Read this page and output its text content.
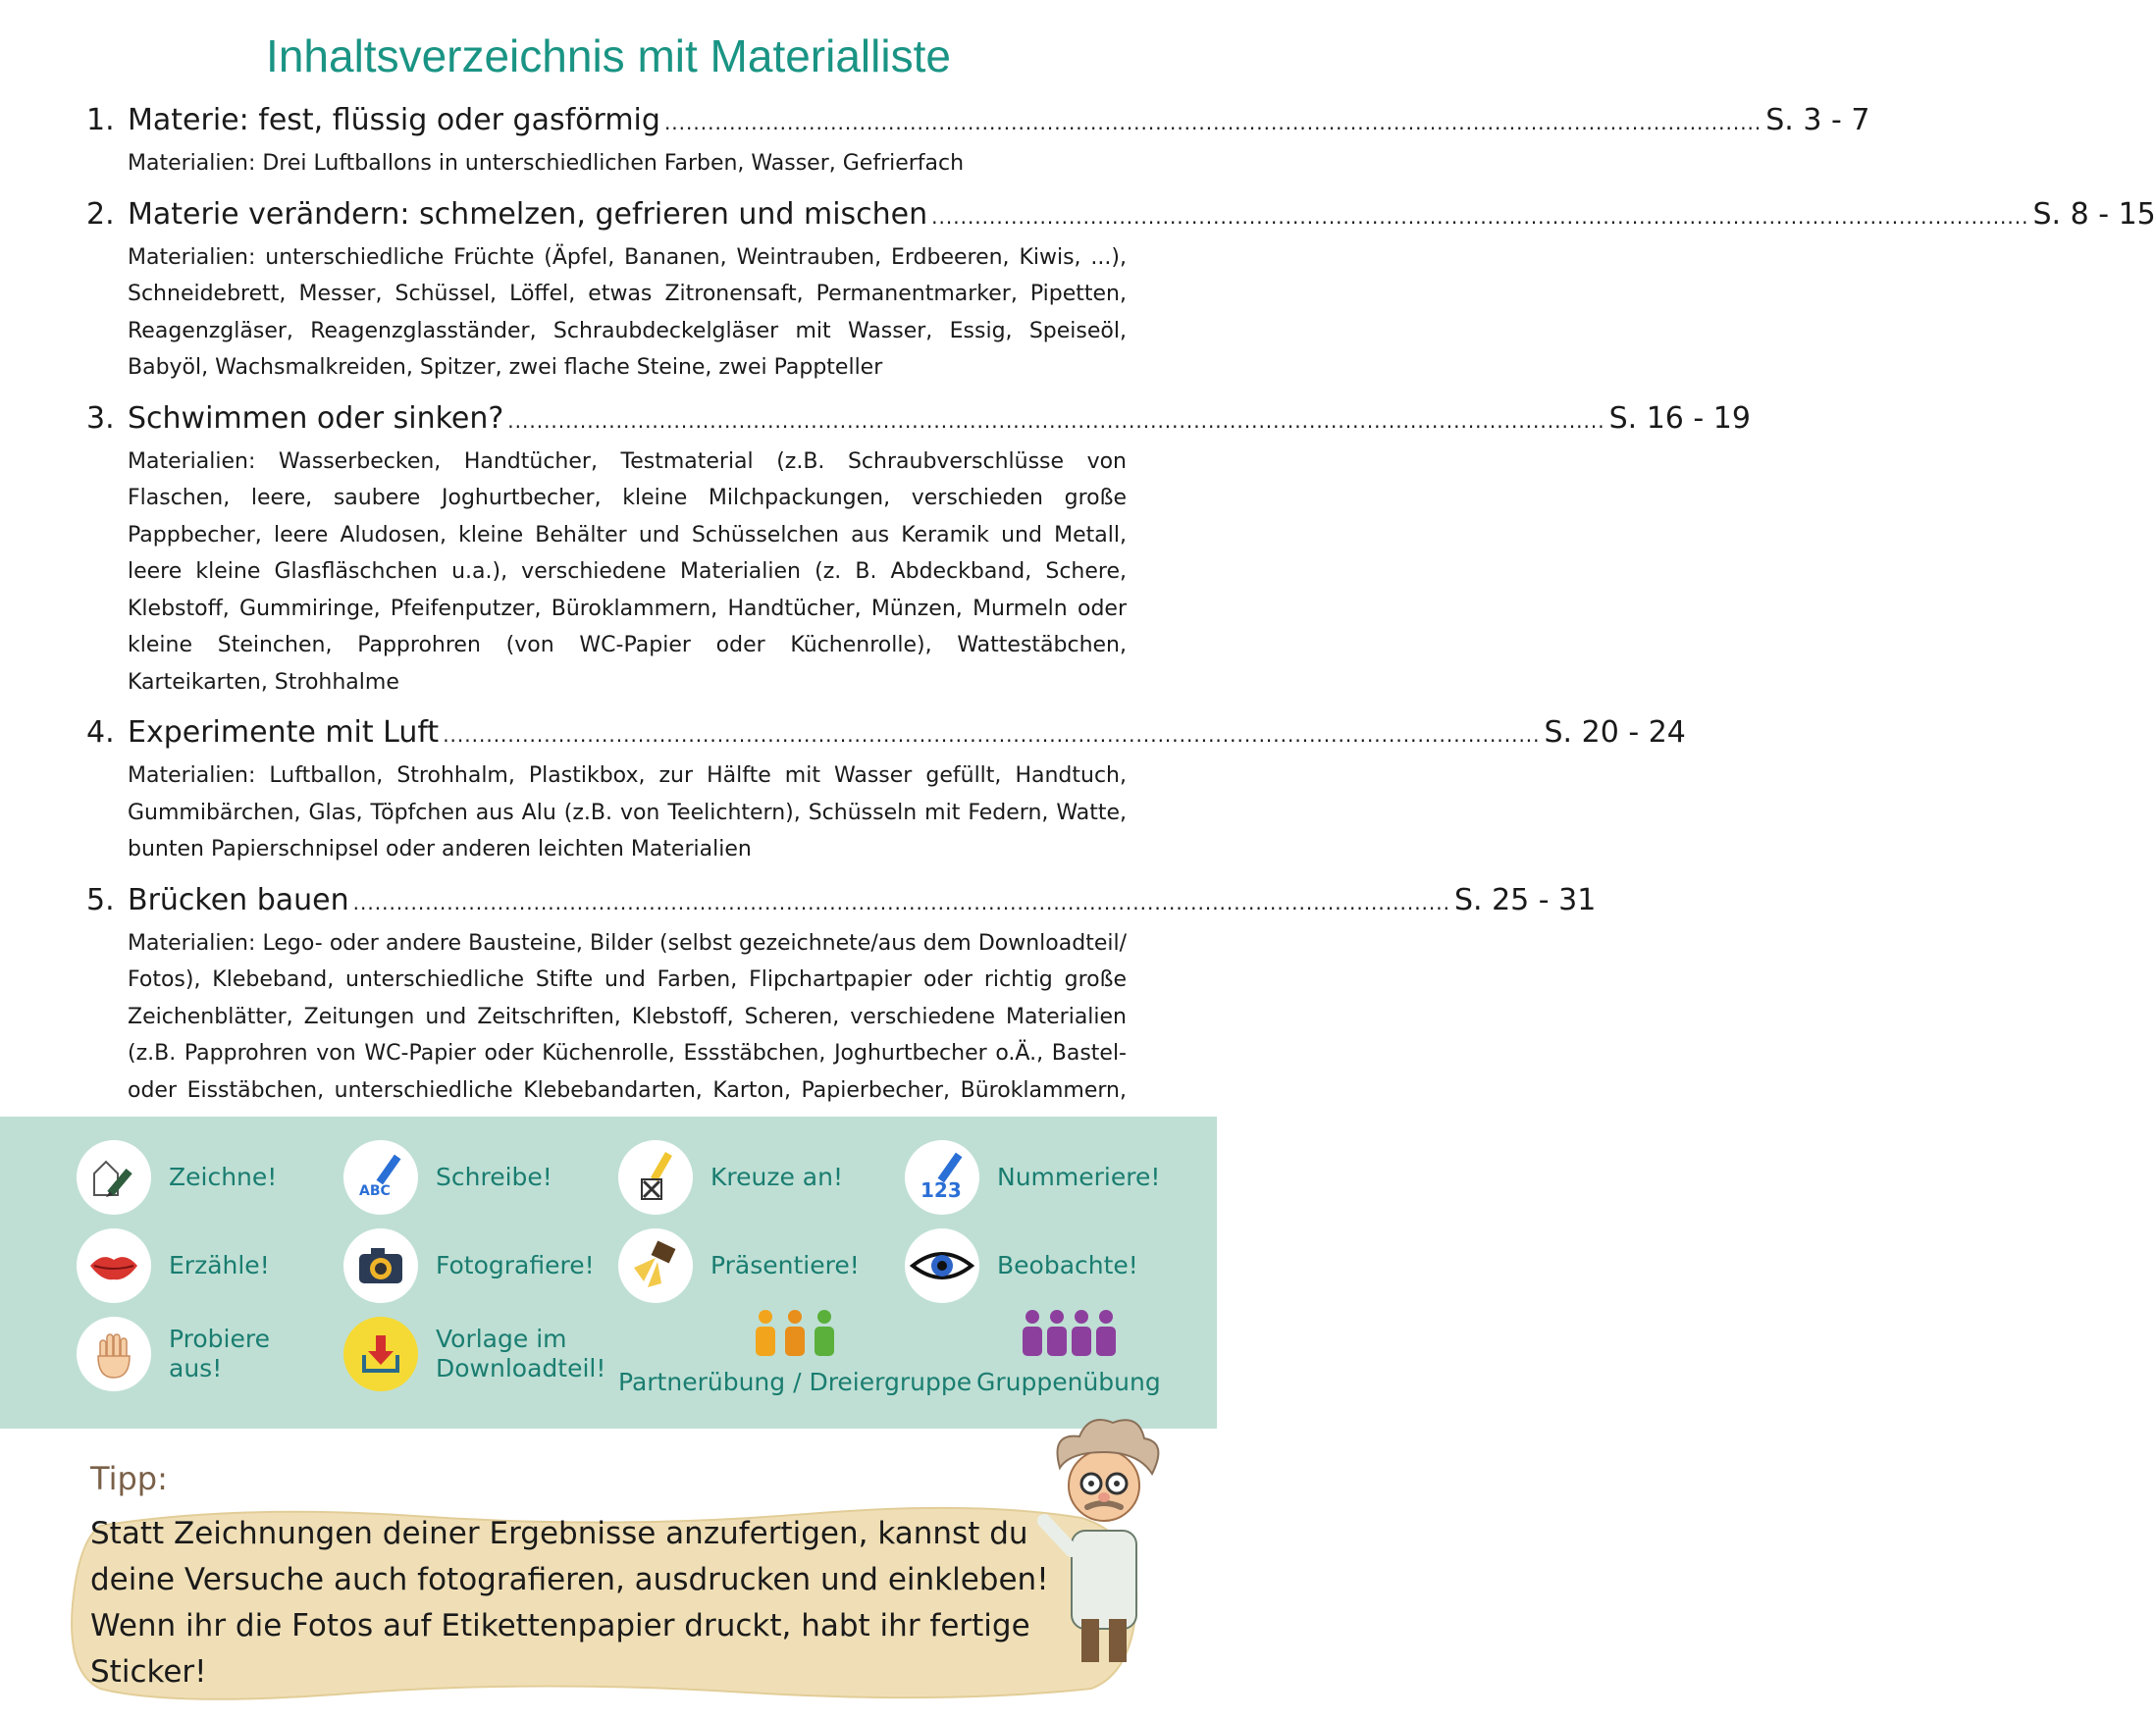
Inhaltsverzeichnis mit Materialliste
1. Materie: fest, flüssig oder gasförmig ........................................................................................................................................................ S. 3 - 7
Materialien: Drei Luftballons in unterschiedlichen Farben, Wasser, Gefrierfach
2. Materie verändern: schmelzen, gefrieren und mischen ........................................................................................................................................................ S. 8 - 15
Materialien: unterschiedliche Früchte (Äpfel, Bananen, Weintrauben, Erdbeeren, Kiwis, ...), Schneidebrett, Messer, Schüssel, Löffel, etwas Zitronensaft, Permanentmarker, Pipetten, Reagenzgläser, Reagenzglasständer, Schraubdeckelgläser mit Wasser, Essig, Speiseöl, Babyöl, Wachsmalkreiden, Spitzer, zwei flache Steine, zwei Pappteller
3. Schwimmen oder sinken? ........................................................................................................................................................ S. 16 - 19
Materialien: Wasserbecken, Handtücher, Testmaterial (z.B. Schraubverschlüsse von Flaschen, leere, saubere Joghurtbecher, kleine Milchpackungen, verschieden große Pappbecher, leere Aludosen, kleine Behälter und Schüsselchen aus Keramik und Metall, leere kleine Glasfläschchen u.a.), verschiedene Materialien (z. B. Abdeckband, Schere, Klebstoff, Gummiringe, Pfeifenputzer, Büroklammern, Handtücher, Münzen, Murmeln oder kleine Steinchen, Papprohren (von WC-Papier oder Küchenrolle), Wattestäbchen, Karteikarten, Strohhalme
4. Experimente mit Luft ........................................................................................................................................................ S. 20 - 24
Materialien: Luftballon, Strohhalm, Plastikbox, zur Hälfte mit Wasser gefüllt, Handtuch, Gummibärchen, Glas, Töpfchen aus Alu (z.B. von Teelichtern), Schüsseln mit Federn, Watte, bunten Papierschnipsel oder anderen leichten Materialien
5. Brücken bauen ........................................................................................................................................................ S. 25 - 31
Materialien: Lego- oder andere Bausteine, Bilder (selbst gezeichnete/aus dem Downloadteil/ Fotos), Klebeband, unterschiedliche Stifte und Farben, Flipchartpapier oder richtig große Zeichenblätter, Zeitungen und Zeitschriften, Klebstoff, Scheren, verschiedene Materialien (z.B. Papprohren von WC-Papier oder Küchenrolle, Essstäbchen, Joghurtbecher o.Ä., Bastel- oder Eisstäbchen, unterschiedliche Klebebandarten, Karton, Papierbecher, Büroklammern,
Zeichne!	ABC Schreibe!	Kreuze an!	123 Nummeriere!
Erzähle!	Fotografiere!	Präsentiere!	Beobachte!
Probiere aus!
Vorlage im Downloadteil! Partnerübung / Dreiergruppe Gruppenübung
Tipp:
Statt Zeichnungen deiner Ergebnisse anzufertigen, kannst du deine Versuche auch fotografieren, ausdrucken und einkleben! Wenn ihr die Fotos auf Etikettenpapier druckt, habt ihr fertige Sticker!
